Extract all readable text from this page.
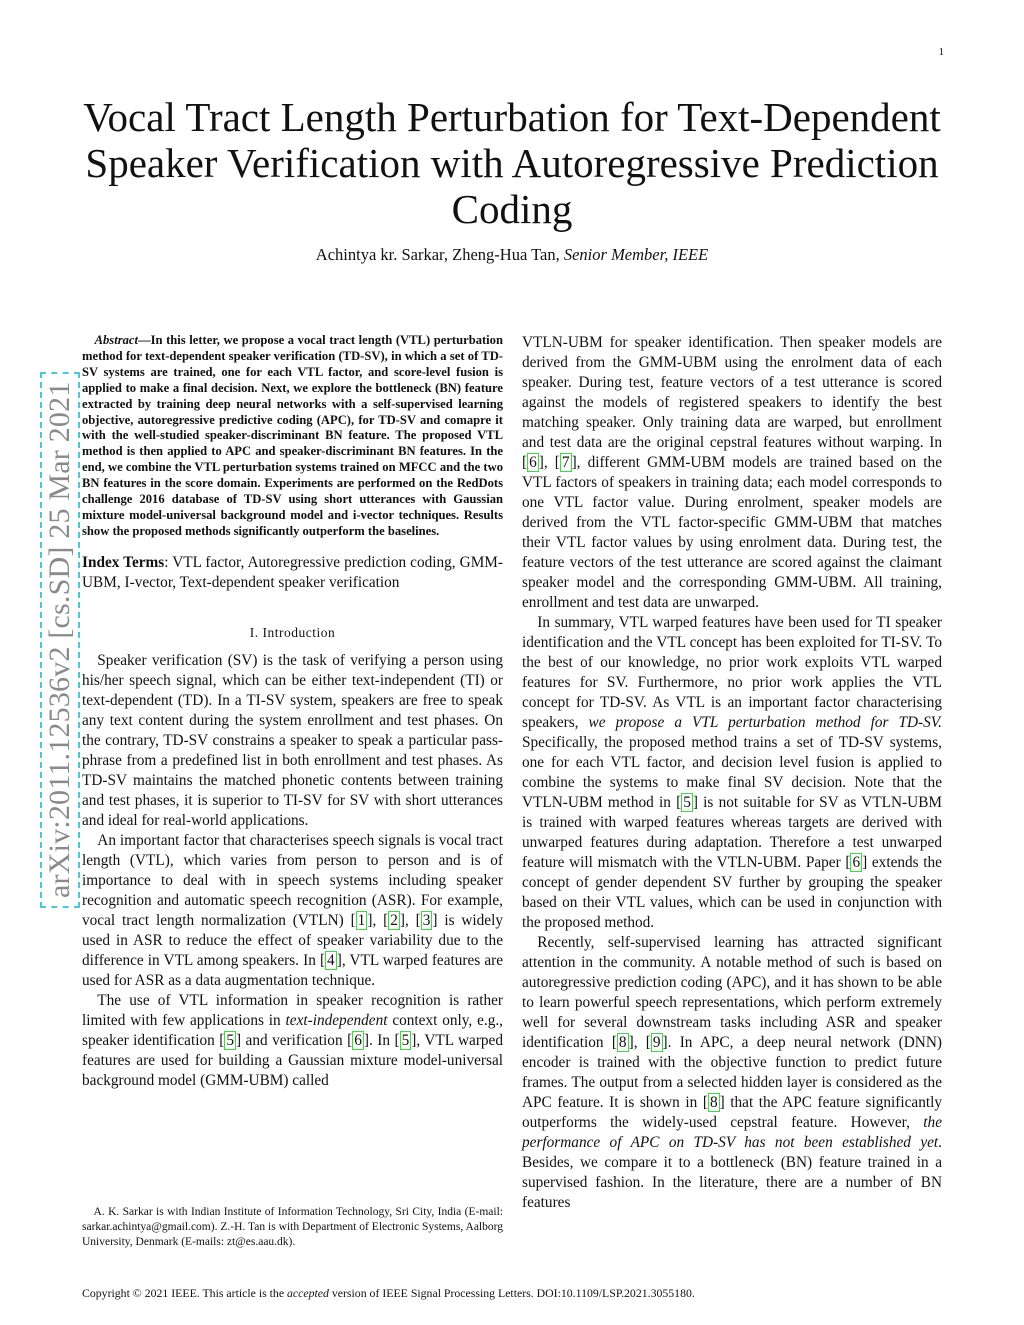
1
arXiv:2011.12536v2 [cs.SD] 25 Mar 2021
Vocal Tract Length Perturbation for Text-Dependent Speaker Verification with Autoregressive Prediction Coding
Achintya kr. Sarkar, Zheng-Hua Tan, Senior Member, IEEE

Abstract—In this letter, we propose a vocal tract length (VTL) perturbation method for text-dependent speaker verification (TD-SV), in which a set of TD-SV systems are trained, one for each VTL factor, and score-level fusion is applied to make a final decision. Next, we explore the bottleneck (BN) feature extracted by training deep neural networks with a self-supervised learning objective, autoregressive predictive coding (APC), for TD-SV and comapre it with the well-studied speaker-discriminant BN feature. The proposed VTL method is then applied to APC and speaker-discriminant BN features. In the end, we combine the VTL perturbation systems trained on MFCC and the two BN features in the score domain. Experiments are performed on the RedDots challenge 2016 database of TD-SV using short utterances with Gaussian mixture model-universal background model and i-vector techniques. Results show the proposed methods significantly outperform the baselines.

Index Terms: VTL factor, Autoregressive prediction coding, GMM-UBM, I-vector, Text-dependent speaker verification

I. Introduction

Speaker verification (SV) is the task of verifying a person using his/her speech signal, which can be either text-independent (TI) or text-dependent (TD). In a TI-SV system, speakers are free to speak any text content during the system enrollment and test phases. On the contrary, TD-SV constrains a speaker to speak a particular pass-phrase from a predefined list in both enrollment and test phases. As TD-SV maintains the matched phonetic contents between training and test phases, it is superior to TI-SV for SV with short utterances and ideal for real-world applications.

An important factor that characterises speech signals is vocal tract length (VTL), which varies from person to person and is of importance to deal with in speech systems including speaker recognition and automatic speech recognition (ASR). For example, vocal tract length normalization (VTLN) [ 1 ], [ 2 ], [ 3 ] is widely used in ASR to reduce the effect of speaker variability due to the difference in VTL among speakers. In [ 4 ], VTL warped features are used for ASR as a data augmentation technique.

The use of VTL information in speaker recognition is rather limited with few applications in text-independent context only, e.g., speaker identification [ 5 ] and verification [ 6 ]. In [ 5 ], VTL warped features are used for building a Gaussian mixture model-universal background model (GMM-UBM) called

A. K. Sarkar is with Indian Institute of Information Technology, Sri City, India (E-mail: sarkar.achintya@gmail.com). Z.-H. Tan is with Department of Electronic Systems, Aalborg University, Denmark (E-mails: zt@es.aau.dk).

VTLN-UBM for speaker identification. Then speaker models are derived from the GMM-UBM using the enrolment data of each speaker. During test, feature vectors of a test utterance is scored against the models of registered speakers to identify the best matching speaker. Only training data are warped, but enrollment and test data are the original cepstral features without warping. In [ 6 ], [ 7 ], different GMM-UBM models are trained based on the VTL factors of speakers in training data; each model corresponds to one VTL factor value. During enrolment, speaker models are derived from the VTL factor-specific GMM-UBM that matches their VTL factor values by using enrolment data. During test, the feature vectors of the test utterance are scored against the claimant speaker model and the corresponding GMM-UBM. All training, enrollment and test data are unwarped.

In summary, VTL warped features have been used for TI speaker identification and the VTL concept has been exploited for TI-SV. To the best of our knowledge, no prior work exploits VTL warped features for SV. Furthermore, no prior work applies the VTL concept for TD-SV. As VTL is an important factor characterising speakers, we propose a VTL perturbation method for TD-SV. Specifically, the proposed method trains a set of TD-SV systems, one for each VTL factor, and decision level fusion is applied to combine the systems to make final SV decision. Note that the VTLN-UBM method in [ 5 ] is not suitable for SV as VTLN-UBM is trained with warped features whereas targets are derived with unwarped features during adaptation. Therefore a test unwarped feature will mismatch with the VTLN-UBM. Paper [ 6 ] extends the concept of gender dependent SV further by grouping the speaker based on their VTL values, which can be used in conjunction with the proposed method.

Recently, self-supervised learning has attracted significant attention in the community. A notable method of such is based on autoregressive prediction coding (APC), and it has shown to be able to learn powerful speech representations, which perform extremely well for several downstream tasks including ASR and speaker identification [ 8 ], [ 9 ]. In APC, a deep neural network (DNN) encoder is trained with the objective function to predict future frames. The output from a selected hidden layer is considered as the APC feature. It is shown in [ 8 ] that the APC feature significantly outperforms the widely-used cepstral feature. However, the performance of APC on TD-SV has not been established yet. Besides, we compare it to a bottleneck (BN) feature trained in a supervised fashion. In the literature, there are a number of BN features

Copyright © 2021 IEEE. This article is the accepted version of IEEE Signal Processing Letters. DOI:10.1109/LSP.2021.3055180.
